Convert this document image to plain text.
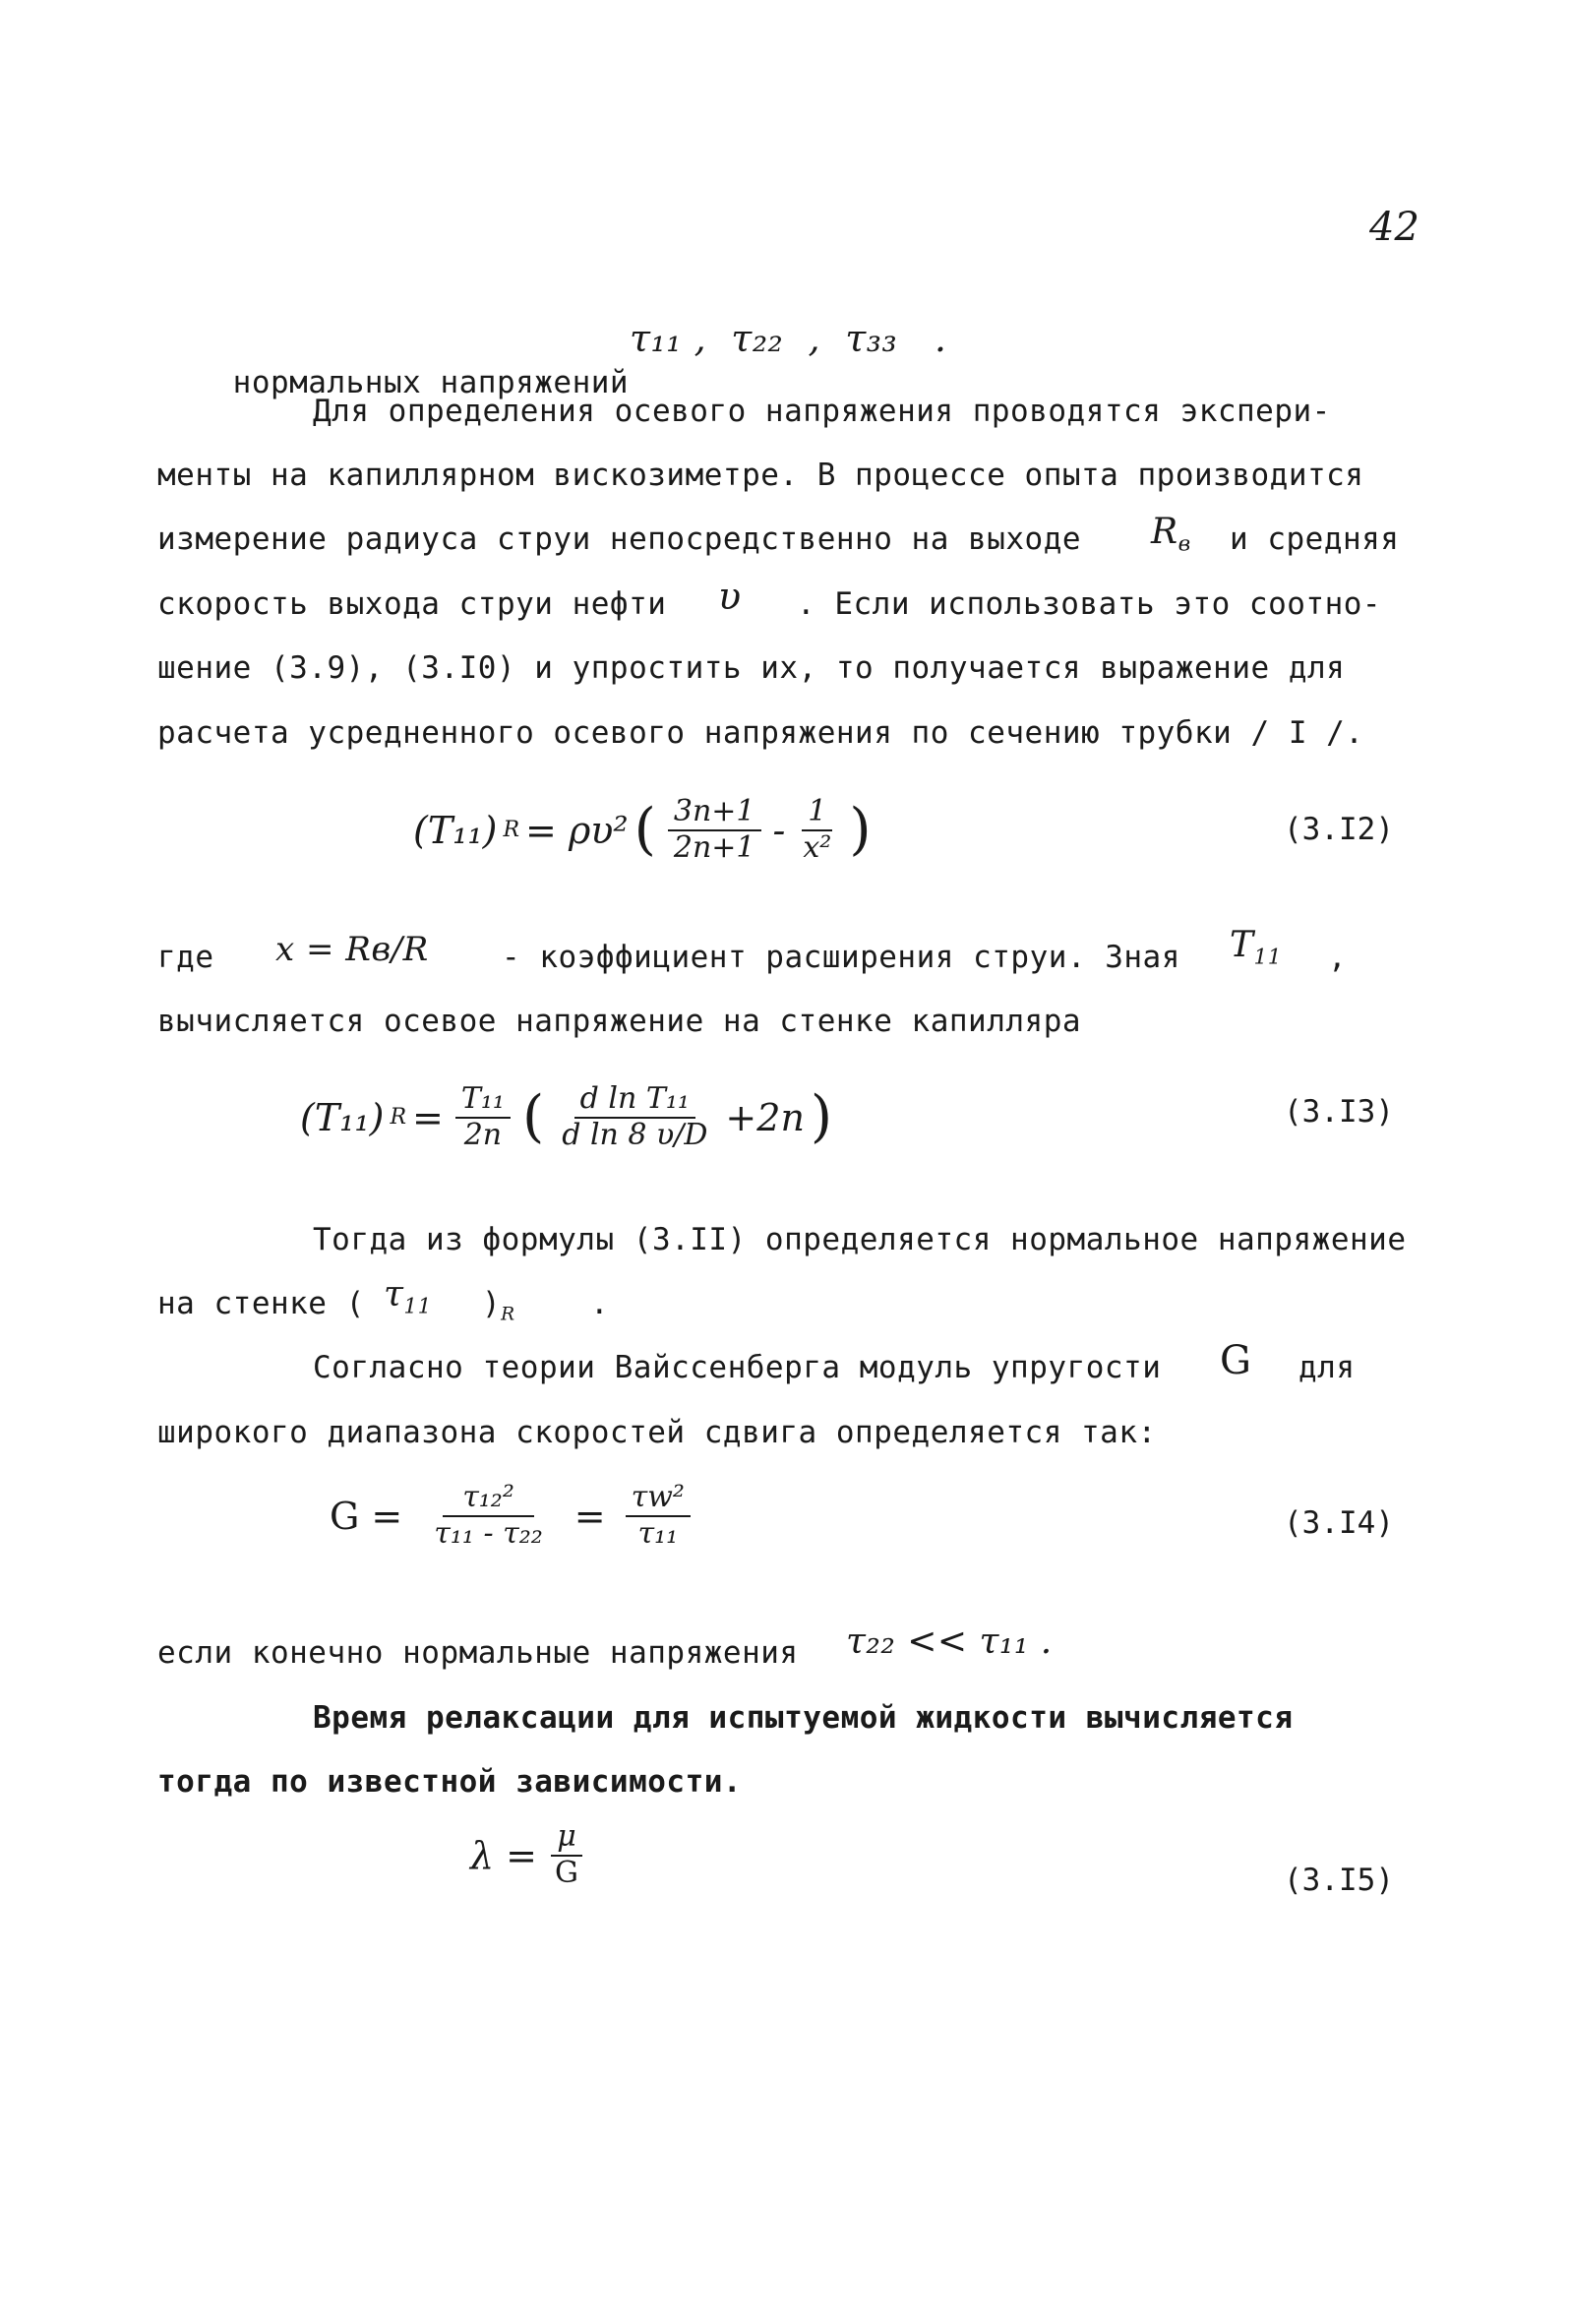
42

нормальных напряжений

τ₁₁ ,  τ₂₂  ,  τ₃₃   .
Для определения осевого напряжения проводятся экспери-
менты на капиллярном вискозиметре. В процессе опыта производится
измерение радиуса струи непосредственно на выходе $R_в$ и средняя
скорость выхода струи нефти υ . Если использовать это соотно-
шение (3.9), (3.I0) и упростить их, то получается выражение для
расчета усредненного осевого напряжения по сечению трубки / I /.
(T₁₁) R = ρυ² ( $\frac{3n+1}{2n+1} - \frac{1}{\text{x²}}$ )	(3.I2)
где x = Rв/R - коэффициент расширения струи. Зная $T_{11}$ ,
вычисляется осевое напряжение на стенке капилляра
(T₁₁) $R = \frac{\text{T₁₁}}{2n}$ ( $\frac{\text{d ln T₁₁}}{\text{d ln 8 υ/D}} +2n$ )	(3.I3)
Тогда из формулы (3.II) определяется нормальное напряжение
на стенке ( $\tau_{11}$ )$_R$ .
Согласно теории Вайссенберга модуль упругости G для
широкого диапазона скоростей сдвига определяется так:
$G = \frac{\text{τ₁₂²}}{\text{τ₁₁ - τ₂₂}} = \frac{\text{τw²}}{\text{τ₁₁}}$	(3.I4)
если конечно нормальные напряжения τ₂₂ << τ₁₁ .
Время релаксации для испытуемой жидкости вычисляется
тогда по известной зависимости.
$\lambda = \frac{\mu}{G}$	(3.I5)
